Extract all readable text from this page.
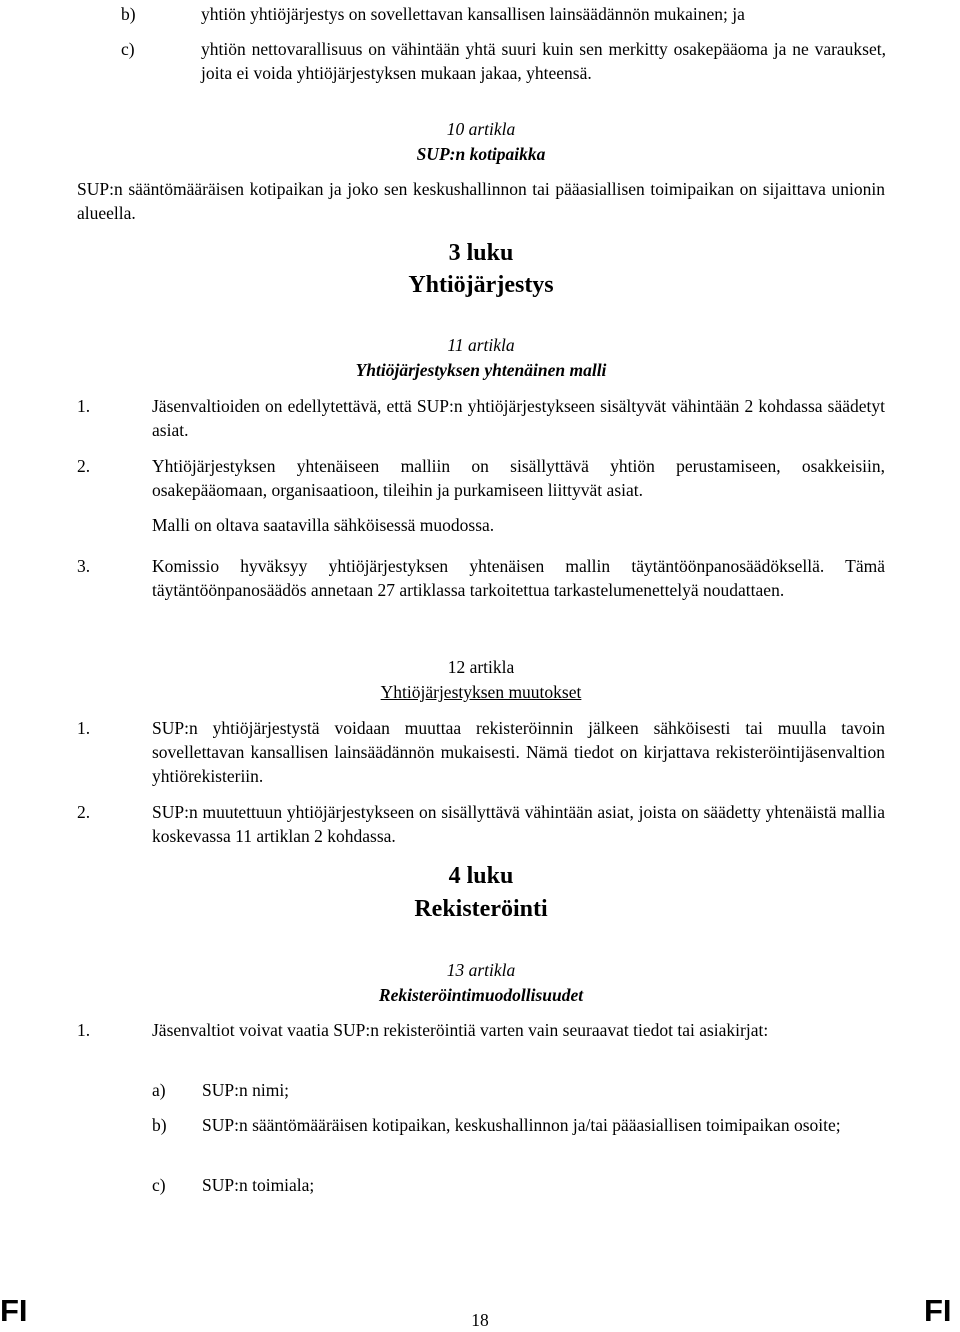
b)	yhtiön yhtiöjärjestys on sovellettavan kansallisen lainsäädännön mukainen; ja
c)	yhtiön nettovarallisuus on vähintään yhtä suuri kuin sen merkitty osakepääoma ja ne varaukset, joita ei voida yhtiöjärjestyksen mukaan jakaa, yhteensä.
10 artikla
SUP:n kotipaikka
SUP:n sääntömääräisen kotipaikan ja joko sen keskushallinnon tai pääasiallisen toimipaikan on sijaittava unionin alueella.
3 luku
Yhtiöjärjestys
11 artikla
Yhtiöjärjestyksen yhtenäinen malli
1.	Jäsenvaltioiden on edellytettävä, että SUP:n yhtiöjärjestykseen sisältyvät vähintään 2 kohdassa säädetyt asiat.
2.	Yhtiöjärjestyksen yhtenäiseen malliin on sisällyttävä yhtiön perustamiseen, osakkeisiin, osakepääomaan, organisaatioon, tileihin ja purkamiseen liittyvät asiat.
Malli on oltava saatavilla sähköisessä muodossa.
3.	Komissio hyväksyy yhtiöjärjestyksen yhtenäisen mallin täytäntöönpanosäädöksellä. Tämä täytäntöönpanosäädös annetaan 27 artiklassa tarkoitettua tarkastelumenettelyä noudattaen.
12 artikla
Yhtiöjärjestyksen muutokset
1.	SUP:n yhtiöjärjestystä voidaan muuttaa rekisteröinnin jälkeen sähköisesti tai muulla tavoin sovellettavan kansallisen lainsäädännön mukaisesti. Nämä tiedot on kirjattava rekisteröintijäsenvaltion yhtiörekisteriin.
2.	SUP:n muutettuun yhtiöjärjestykseen on sisällyttävä vähintään asiat, joista on säädetty yhtenäistä mallia koskevassa 11 artiklan 2 kohdassa.
4 luku
Rekisteröinti
13 artikla
Rekisteröintimuodollisuudet
1.	Jäsenvaltiot voivat vaatia SUP:n rekisteröintiä varten vain seuraavat tiedot tai asiakirjat:
a) SUP:n nimi;
b) SUP:n sääntömääräisen kotipaikan, keskushallinnon ja/tai pääasiallisen toimipaikan osoite;
c) SUP:n toimiala;
FI	18	FI
